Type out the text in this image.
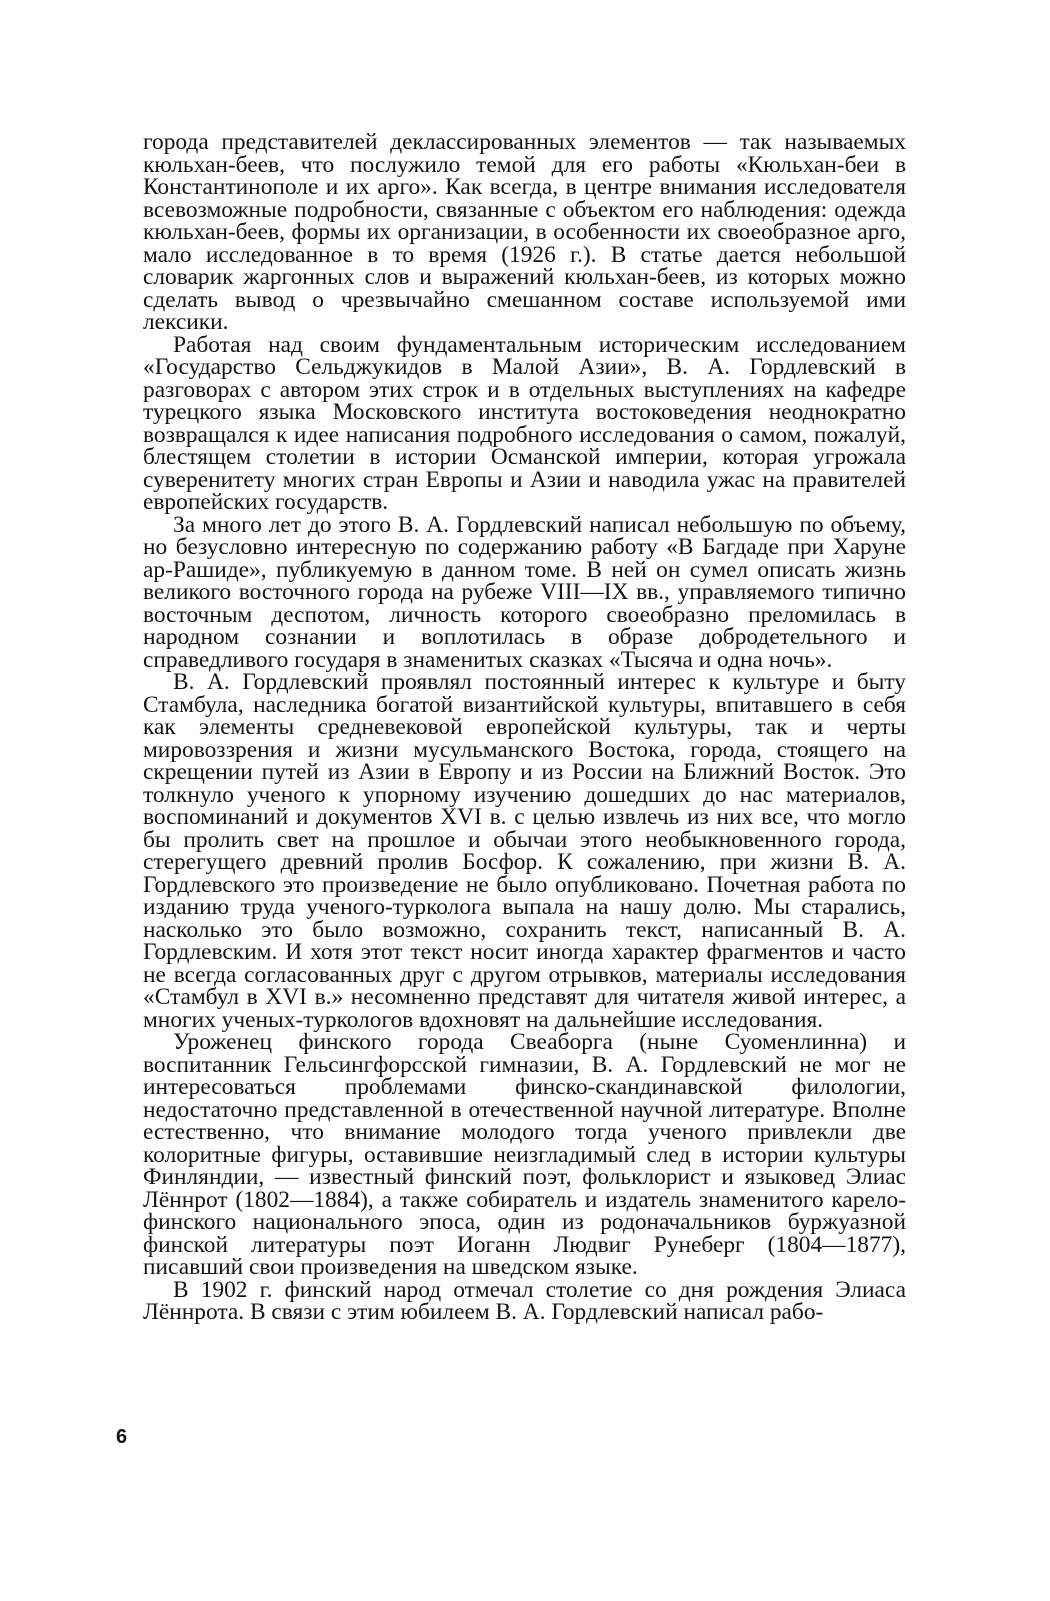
города представителей деклассированных элементов — так называемых кюльхан-беев, что послужило темой для его работы «Кюльхан-беи в Константинополе и их арго». Как всегда, в центре внимания исследователя всевозможные подробности, связанные с объектом его наблюдения: одежда кюльхан-беев, формы их организации, в особенности их своеобразное арго, мало исследованное в то время (1926 г.). В статье дается небольшой словарик жаргонных слов и выражений кюльхан-беев, из которых можно сделать вывод о чрезвычайно смешанном составе используемой ими лексики.

Работая над своим фундаментальным историческим исследованием «Государство Сельджукидов в Малой Азии», В. А. Гордлевский в разговорах с автором этих строк и в отдельных выступлениях на кафедре турецкого языка Московского института востоковедения неоднократно возвращался к идее написания подробного исследования о самом, пожалуй, блестящем столетии в истории Османской империи, которая угрожала суверенитету многих стран Европы и Азии и наводила ужас на правителей европейских государств.

За много лет до этого В. А. Гордлевский написал небольшую по объему, но безусловно интересную по содержанию работу «В Багдаде при Харуне ар-Рашиде», публикуемую в данном томе. В ней он сумел описать жизнь великого восточного города на рубеже VIII—IX вв., управляемого типично восточным деспотом, личность которого своеобразно преломилась в народном сознании и воплотилась в образе добродетельного и справедливого государя в знаменитых сказках «Тысяча и одна ночь».

В. А. Гордлевский проявлял постоянный интерес к культуре и быту Стамбула, наследника богатой византийской культуры, впитавшего в себя как элементы средневековой европейской культуры, так и черты мировоззрения и жизни мусульманского Востока, города, стоящего на скрещении путей из Азии в Европу и из России на Ближний Восток. Это толкнуло ученого к упорному изучению дошедших до нас материалов, воспоминаний и документов XVI в. с целью извлечь из них все, что могло бы пролить свет на прошлое и обычаи этого необыкновенного города, стерегущего древний пролив Босфор. К сожалению, при жизни В. А. Гордлевского это произведение не было опубликовано. Почетная работа по изданию труда ученого-турколога выпала на нашу долю. Мы старались, насколько это было возможно, сохранить текст, написанный В. А. Гордлевским. И хотя этот текст носит иногда характер фрагментов и часто не всегда согласованных друг с другом отрывков, материалы исследования «Стамбул в XVI в.» несомненно представят для читателя живой интерес, а многих ученых-туркологов вдохновят на дальнейшие исследования.

Уроженец финского города Свеаборга (ныне Суоменлинна) и воспитанник Гельсингфорсской гимназии, В. А. Гордлевский не мог не интересоваться проблемами финско-скандинавской филологии, недостаточно представленной в отечественной научной литературе. Вполне естественно, что внимание молодого тогда ученого привлекли две колоритные фигуры, оставившие неизгладимый след в истории культуры Финляндии, — известный финский поэт, фольклорист и языковед Элиас Лённрот (1802—1884), а также собиратель и издатель знаменитого карело-финского национального эпоса, один из родоначальников буржуазной финской литературы поэт Иоганн Людвиг Рунеберг (1804—1877), писавший свои произведения на шведском языке.

В 1902 г. финский народ отмечал столетие со дня рождения Элиаса Лённрота. В связи с этим юбилеем В. А. Гордлевский написал рабо-

6
